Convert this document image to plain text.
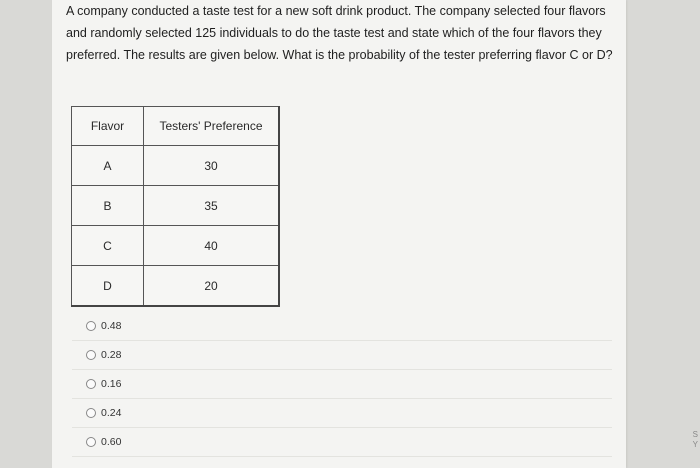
A company conducted a taste test for a new soft drink product. The company selected four flavors and randomly selected 125 individuals to do the taste test and state which of the four flavors they preferred. The results are given below. What is the probability of the tester preferring flavor C or D?

Flavor	Testers' Preference
A	30
B	35
C	40
D	20
0.48
0.28
0.16
0.24
0.60
S
Y
